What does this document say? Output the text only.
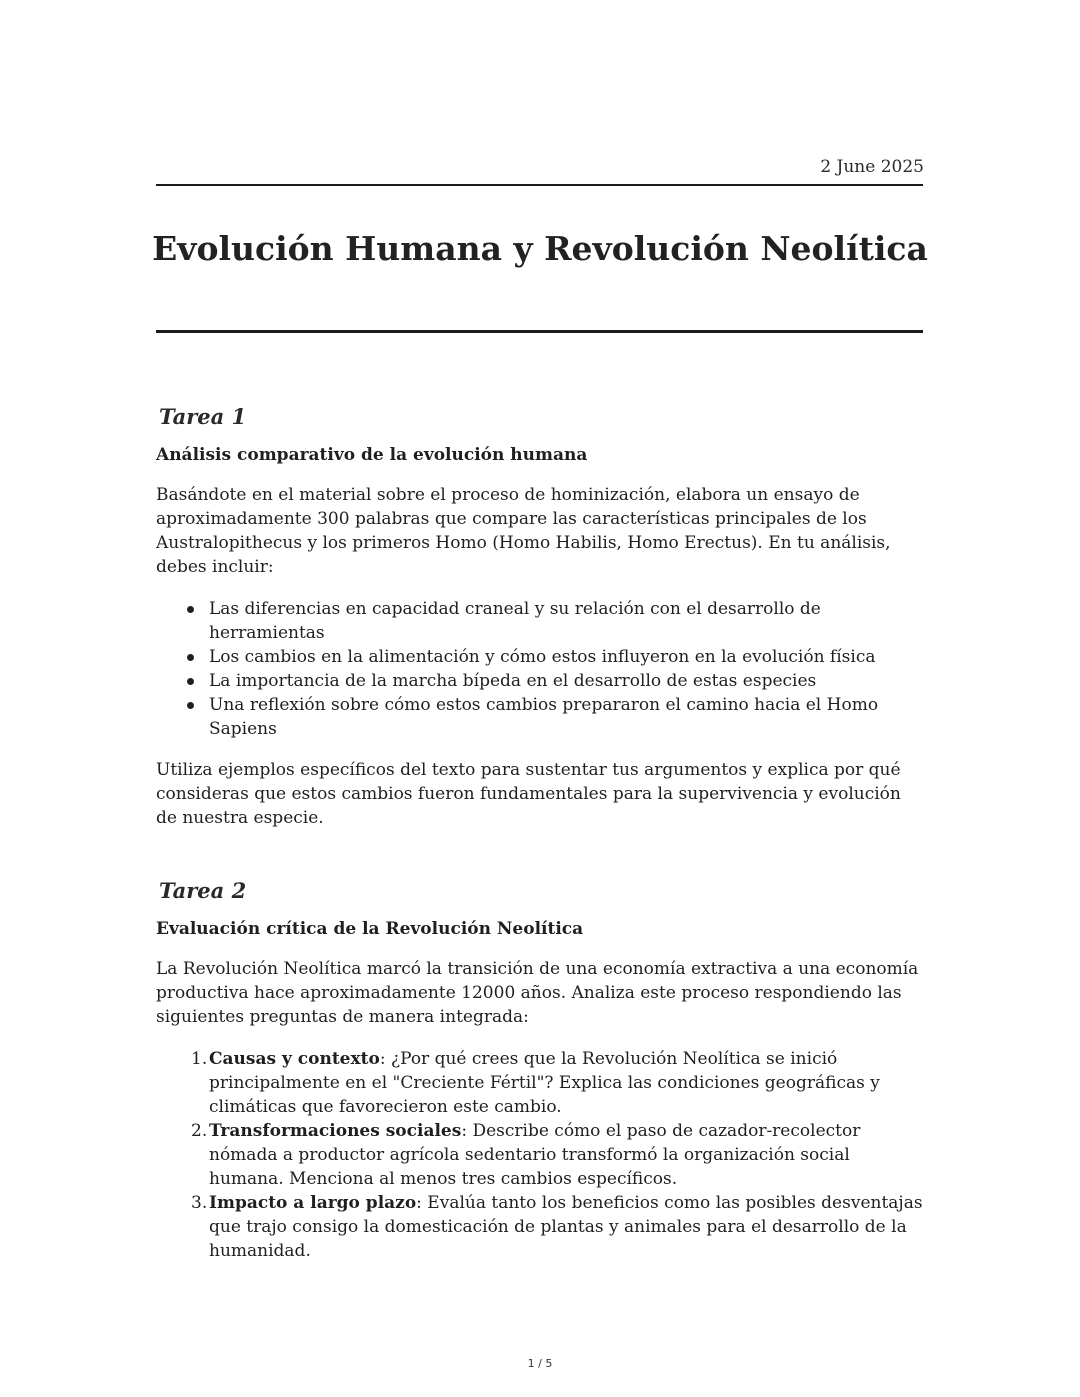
2 June 2025
Evolución Humana y Revolución Neolítica
Tarea 1
Análisis comparativo de la evolución humana

Basándote en el material sobre el proceso de hominización, elabora un ensayo de aproximadamente 300 palabras que compare las características principales de los Australopithecus y los primeros Homo (Homo Habilis, Homo Erectus). En tu análisis, debes incluir:

Las diferencias en capacidad craneal y su relación con el desarrollo de herramientas
Los cambios en la alimentación y cómo estos influyeron en la evolución física
La importancia de la marcha bípeda en el desarrollo de estas especies
Una reflexión sobre cómo estos cambios prepararon el camino hacia el Homo Sapiens

Utiliza ejemplos específicos del texto para sustentar tus argumentos y explica por qué consideras que estos cambios fueron fundamentales para la supervivencia y evolución de nuestra especie.

Tarea 2
Evaluación crítica de la Revolución Neolítica

La Revolución Neolítica marcó la transición de una economía extractiva a una economía productiva hace aproximadamente 12000 años. Analiza este proceso respondiendo las siguientes preguntas de manera integrada:

1. Causas y contexto: ¿Por qué crees que la Revolución Neolítica se inició principalmente en el "Creciente Fértil"? Explica las condiciones geográficas y climáticas que favorecieron este cambio.
2. Transformaciones sociales: Describe cómo el paso de cazador-recolector nómada a productor agrícola sedentario transformó la organización social humana. Menciona al menos tres cambios específicos.
3. Impacto a largo plazo: Evalúa tanto los beneficios como las posibles desventajas que trajo consigo la domesticación de plantas y animales para el desarrollo de la humanidad.
1 / 5
